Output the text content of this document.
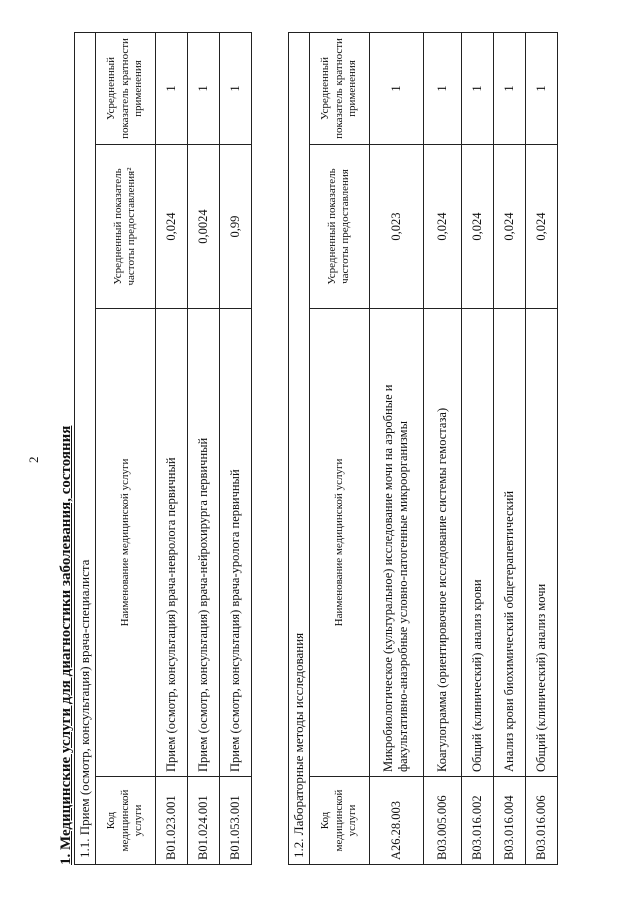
2 1. Медицинские услуги для диагностики заболевания, состояния 1.1. Прием (осмотр, консультация) врача-специалиста			
Код медицинской услуги	Наименование медицинской услуги	Усредненный показатель частоты предоставления²	Усредненный показатель кратности применения
B01.023.001	Прием (осмотр, консультация) врача-невролога первичный	0,024	1
B01.024.001	Прием (осмотр, консультация) врача-нейрохирурга первичный	0,0024	1
B01.053.001	Прием (осмотр, консультация) врача-уролога первичный	0,99	1
1.2. Лабораторные методы исследования			
Код медицинской услуги	Наименование медицинской услуги	Усредненный показатель частоты предоставления	Усредненный показатель кратности применения
A26.28.003	Микробиологическое (культуральное) исследование мочи на аэробные и факультативно-анаэробные условно-патогенные микроорганизмы	0,023	1
B03.005.006	Коагулограмма (ориентировочное исследование системы гемостаза)	0,024	1
B03.016.002	Общий (клинический) анализ крови	0,024	1
B03.016.004	Анализ крови биохимический общетерапевтический	0,024	1
B03.016.006	Общий (клинический) анализ мочи	0,024	1
